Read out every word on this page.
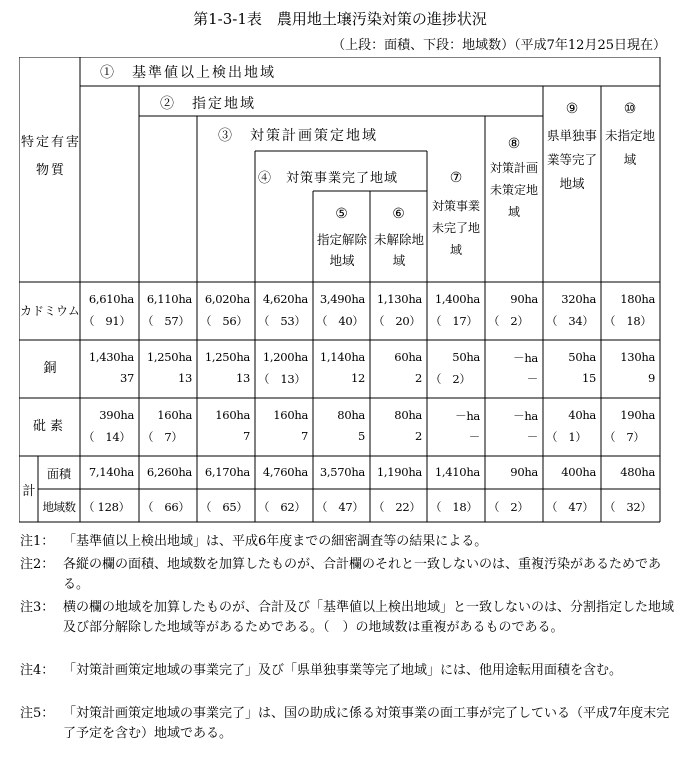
第1-3-1表　農用地土壌汚染対策の進捗状況
（上段：面積、下段：地域数）（平成7年12月25日現在）
特定有害物質
①　基準値以上検出地域
②　指定地域
③　対策計画策定地域
④　対策事業完了地域
⑤
指定解除地域
⑥
未解除地域
⑦
対策事業未完了地域
⑧
対策計画未策定地域
⑨
県単独事業等完了地域
⑩
未指定地域
カドミウム
銅
砒素
計
面積
地域数
6,610ha
（　91）
6,110ha
（　57）
6,020ha
（　56）
4,620ha
（　53）
3,490ha
（　40）
1,130ha
（　20）
1,400ha
（　17）
90ha
（　2）
320ha
（　34）
180ha
（　18）
1,430ha
37
1,250ha
13
1,250ha
13
1,200ha
（　13）
1,140ha
12
60ha
2
50ha
（　2）
－ha
－
50ha
15
130ha
9
390ha
（　14）
160ha
（　7）
160ha
7
160ha
7
80ha
5
80ha
2
－ha
－
－ha
－
40ha
（　1）
190ha
（　7）
7,140ha
（ 128）
6,260ha
（　66）
6,170ha
（　65）
4,760ha
（　62）
3,570ha
（　47）
1,190ha
（　22）
1,410ha
（　18）
90ha
（　2）
400ha
（　47）
480ha
（　32）
注1： 「基準値以上検出地域」は、平成6年度までの細密調査等の結果による。
注2： 各縦の欄の面積、地域数を加算したものが、合計欄のそれと一致しないのは、重複汚染があるためである。
注3： 横の欄の地域を加算したものが、合計及び「基準値以上検出地域」と一致しないのは、分割指定した地域及び部分解除した地域等があるためである。（　）の地域数は重複があるものである。
注4： 「対策計画策定地域の事業完了」及び「県単独事業等完了地域」には、他用途転用面積を含む。
注5： 「対策計画策定地域の事業完了」は、国の助成に係る対策事業の面工事が完了している（平成7年度末完了予定を含む）地域である。
